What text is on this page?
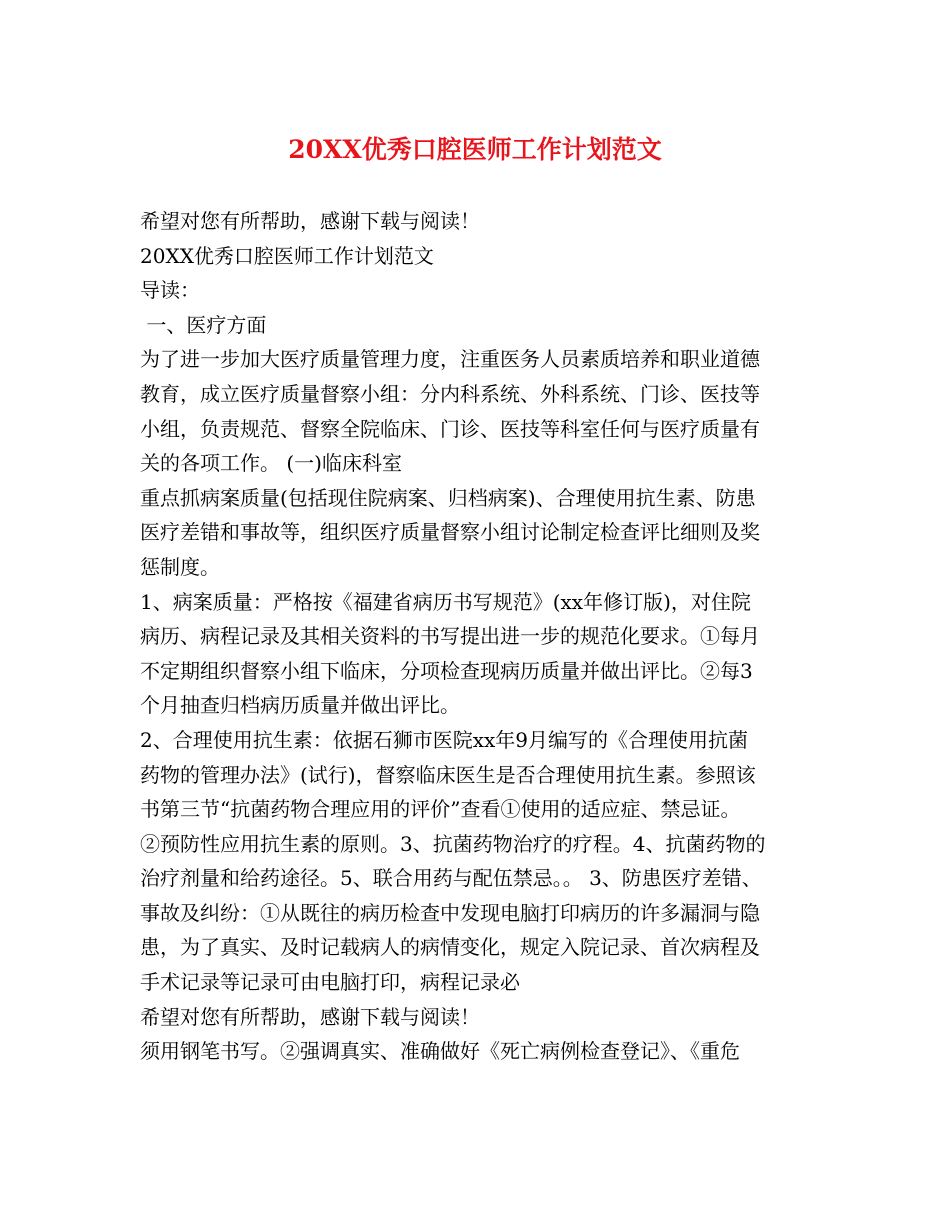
20XX优秀口腔医师工作计划范文

希望对您有所帮助，感谢下载与阅读！

20XX优秀口腔医师工作计划范文

导读：

一、医疗方面

为了进一步加大医疗质量管理力度，注重医务人员素质培养和职业道德

教育，成立医疗质量督察小组：分内科系统、外科系统、门诊、医技等

小组，负责规范、督察全院临床、门诊、医技等科室任何与医疗质量有

关的各项工作。 (一)临床科室

重点抓病案质量(包括现住院病案、归档病案)、合理使用抗生素、防患

医疗差错和事故等，组织医疗质量督察小组讨论制定检查评比细则及奖

惩制度。

1、病案质量：严格按《福建省病历书写规范》(xx年修订版)，对住院

病历、病程记录及其相关资料的书写提出进一步的规范化要求。①每月

不定期组织督察小组下临床，分项检查现病历质量并做出评比。②每3

个月抽查归档病历质量并做出评比。

2、合理使用抗生素：依据石狮市医院xx年9月编写的《合理使用抗菌

药物的管理办法》(试行)，督察临床医生是否合理使用抗生素。参照该

书第三节“抗菌药物合理应用的评价”查看①使用的适应症、禁忌证。

②预防性应用抗生素的原则。3、抗菌药物治疗的疗程。4、抗菌药物的

治疗剂量和给药途径。5、联合用药与配伍禁忌。。 3、防患医疗差错、

事故及纠纷：①从既往的病历检查中发现电脑打印病历的许多漏洞与隐

患，为了真实、及时记载病人的病情变化，规定入院记录、首次病程及

手术记录等记录可由电脑打印，病程记录必

希望对您有所帮助，感谢下载与阅读！

须用钢笔书写。②强调真实、准确做好《死亡病例检查登记》、《重危
